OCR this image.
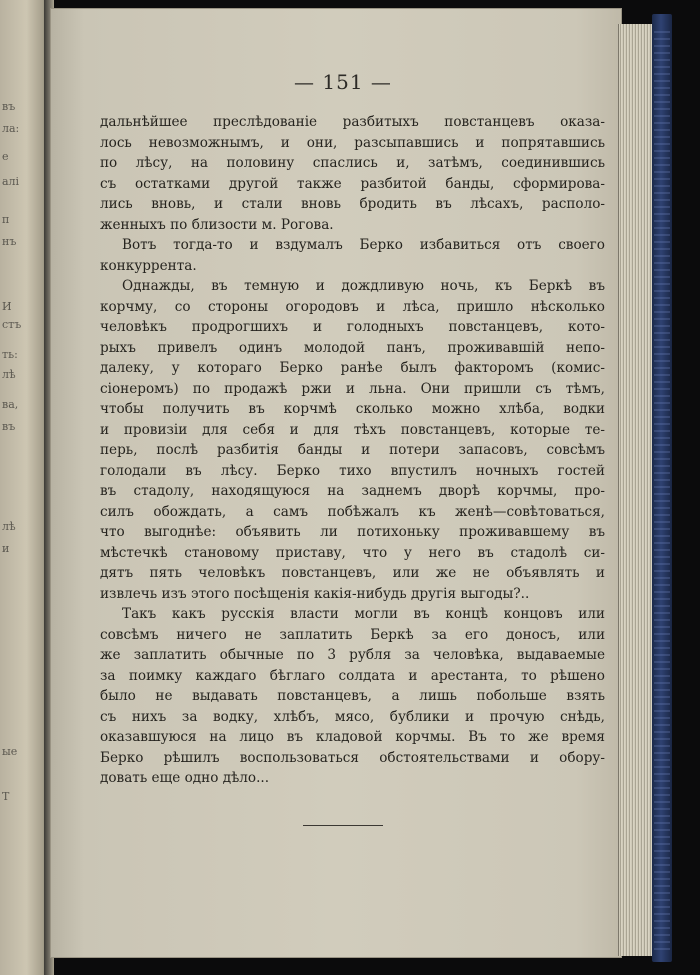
въ
ла:
е
алі
п
нъ
И
стъ
ть:
лѣ
ва,
въ
лѣ
и
ые
Т
— 151 —
дальнѣйшее преслѣдованіе разбитыхъ повстанцевъ оказа-
лось невозможнымъ, и они, разсыпавшись и попрятавшись
по лѣсу, на половину спаслись и, затѣмъ, соединившись
съ остатками другой также разбитой банды, сформирова-
лись вновь, и стали вновь бродить въ лѣсахъ, располо-
женныхъ по близости м. Рогова.
Вотъ тогда-то и вздумалъ Берко избавиться отъ своего
конкуррента.
Однажды, въ темную и дождливую ночь, къ Беркѣ въ
корчму, со стороны огородовъ и лѣса, пришло нѣсколько
человѣкъ продрогшихъ и голодныхъ повстанцевъ, кото-
рыхъ привелъ одинъ молодой панъ, проживавшій непо-
далеку, у котораго Берко ранѣе былъ факторомъ (комис-
сіонеромъ) по продажѣ ржи и льна. Они пришли съ тѣмъ,
чтобы получить въ корчмѣ сколько можно хлѣба, водки
и провизіи для себя и для тѣхъ повстанцевъ, которые те-
перь, послѣ разбитія банды и потери запасовъ, совсѣмъ
голодали въ лѣсу. Берко тихо впустилъ ночныхъ гостей
въ стадолу, находящуюся на заднемъ дворѣ корчмы, про-
силъ обождать, а самъ побѣжалъ къ женѣ—совѣтоваться,
что выгоднѣе: объявить ли потихоньку проживавшему въ
мѣстечкѣ становому приставу, что у него въ стадолѣ си-
дятъ пять человѣкъ повстанцевъ, или же не объявлять и
извлечь изъ этого посѣщенія какія-нибудь другія выгоды?..
Такъ какъ русскія власти могли въ концѣ концовъ или
совсѣмъ ничего не заплатить Беркѣ за его доносъ, или
же заплатить обычные по 3 рубля за человѣка, выдаваемые
за поимку каждаго бѣглаго солдата и арестанта, то рѣшено
было не выдавать повстанцевъ, а лишь побольше взять
съ нихъ за водку, хлѣбъ, мясо, бублики и прочую снѣдь,
оказавшуюся на лицо въ кладовой корчмы. Въ то же время
Берко рѣшилъ воспользоваться обстоятельствами и обору-
довать еще одно дѣло...
